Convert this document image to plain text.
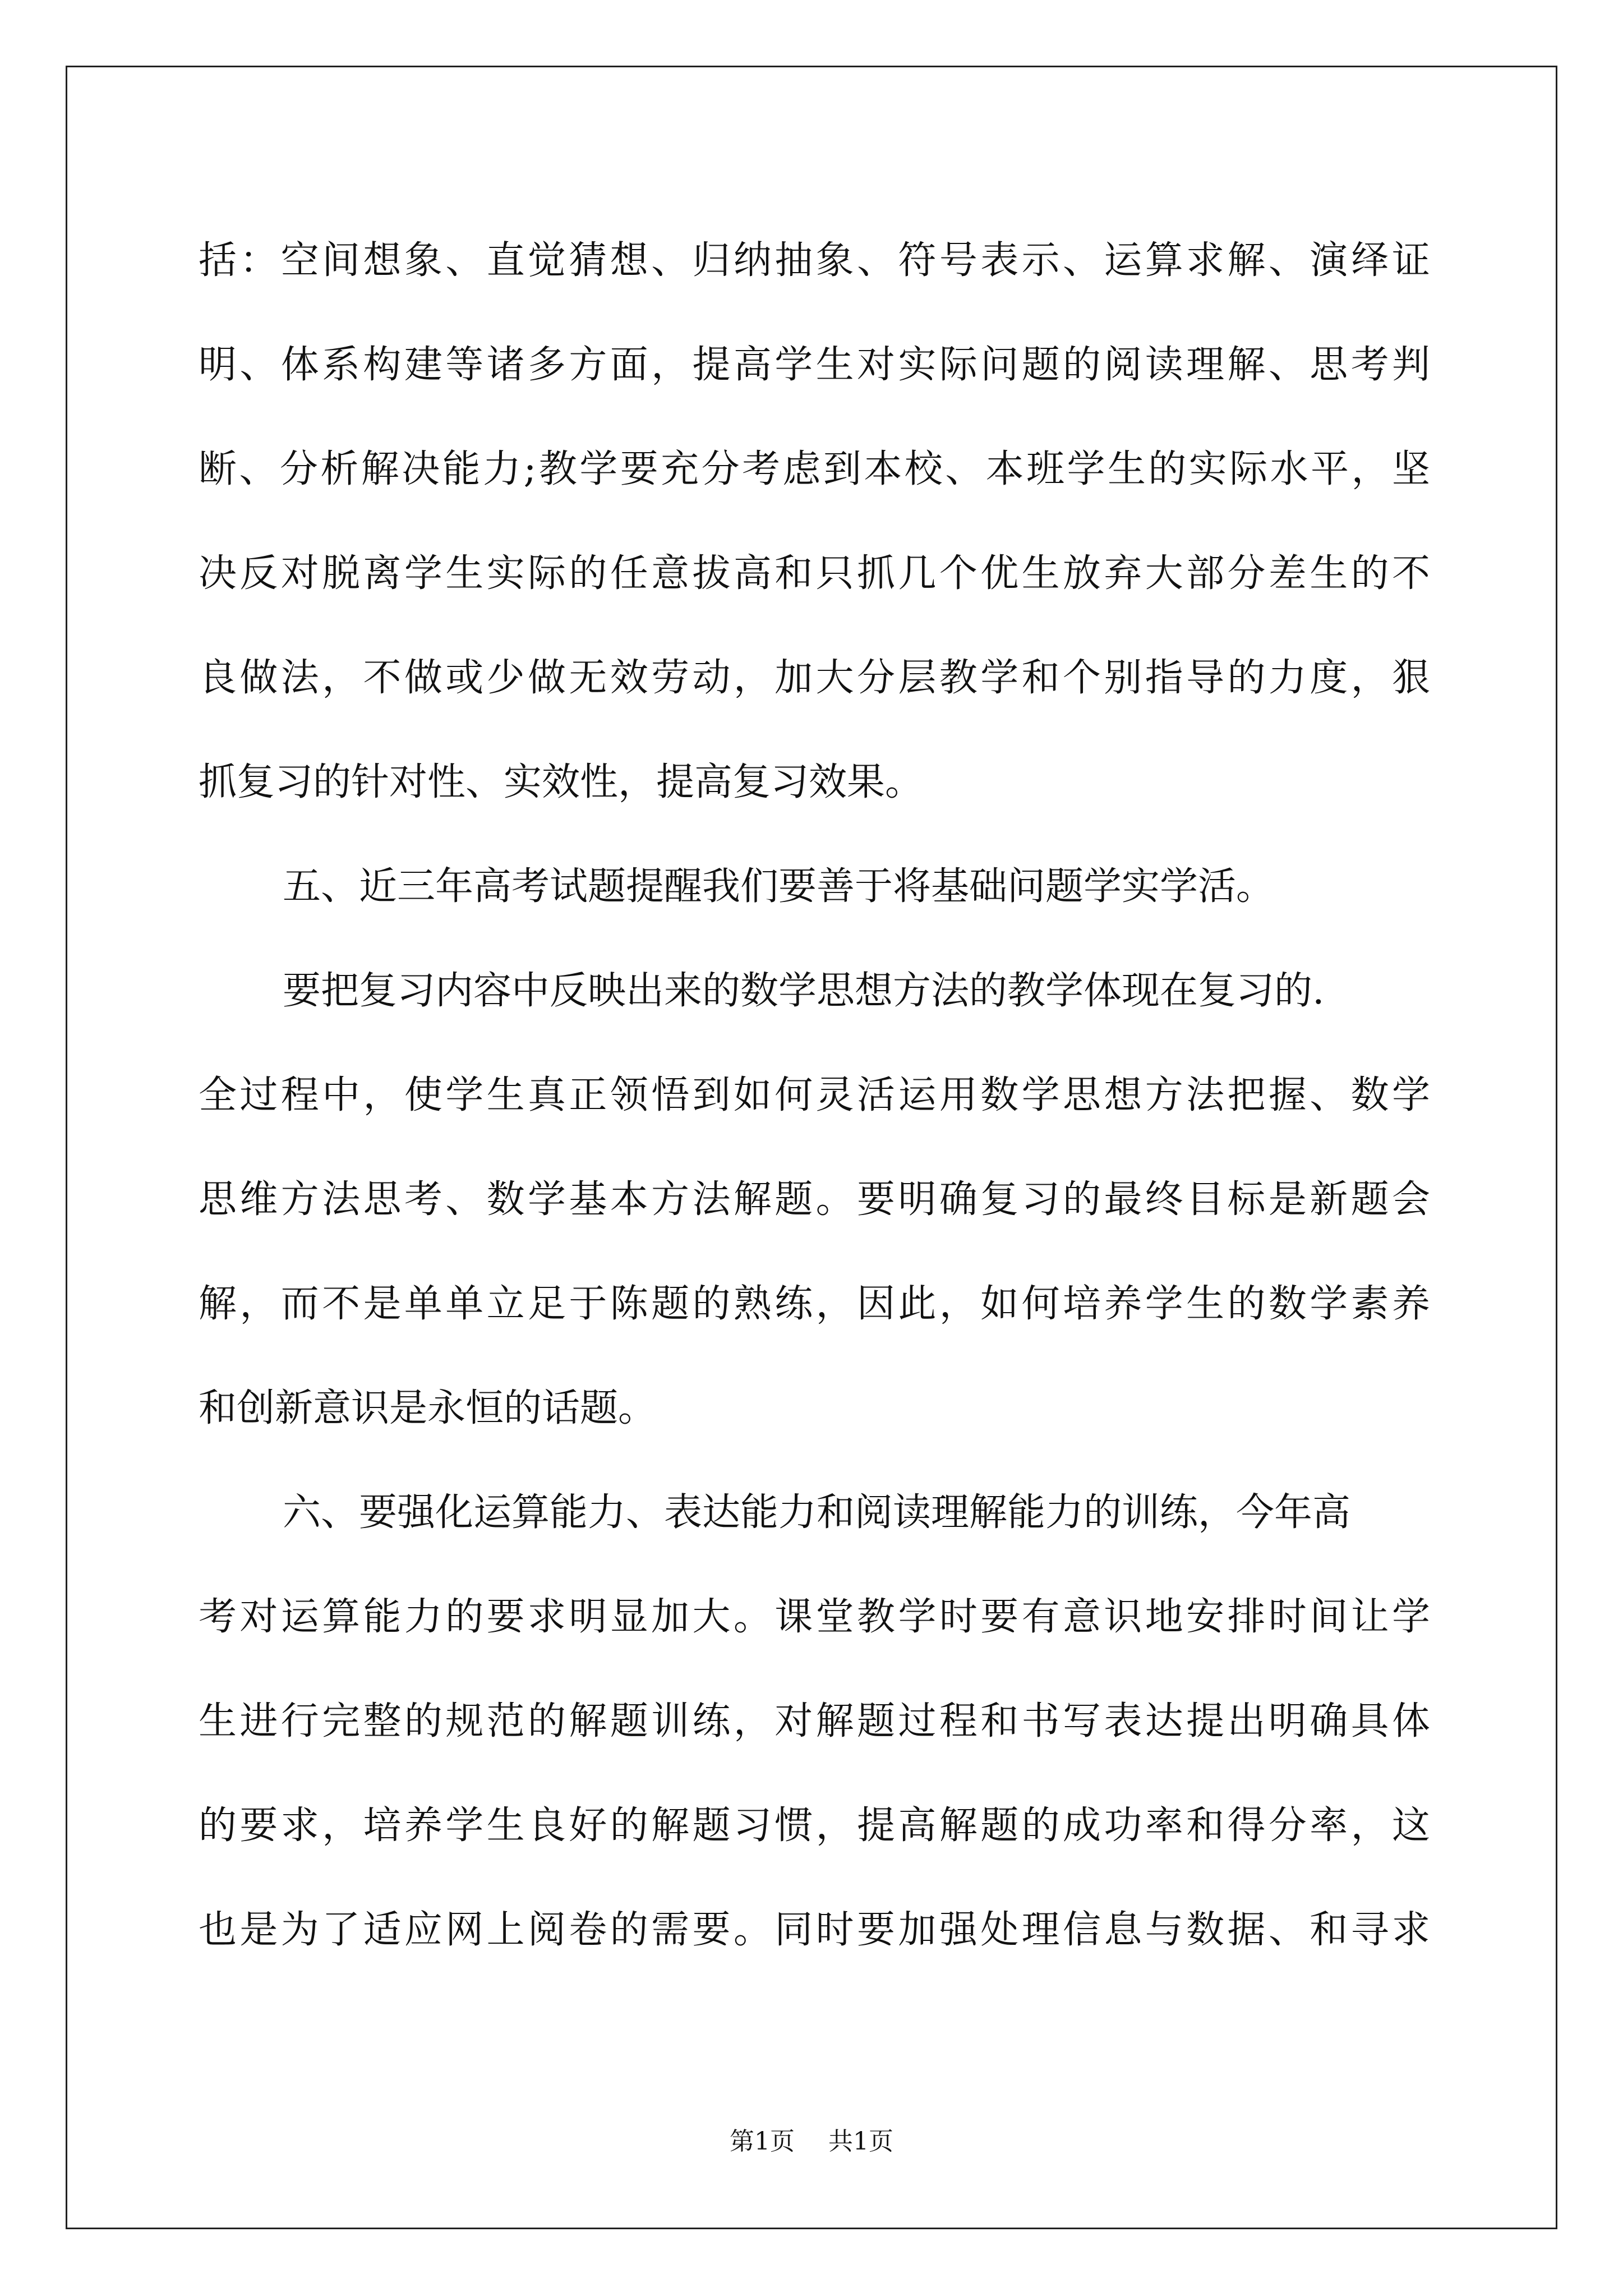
括：空间想象、直觉猜想、归纳抽象、符号表示、运算求解、演绎证
明、体系构建等诸多方面，提高学生对实际问题的阅读理解、思考判
断、分析解决能力;教学要充分考虑到本校、本班学生的实际水平，坚
决反对脱离学生实际的任意拔高和只抓几个优生放弃大部分差生的不
良做法，不做或少做无效劳动，加大分层教学和个别指导的力度，狠
抓复习的针对性、实效性，提高复习效果。
五、近三年高考试题提醒我们要善于将基础问题学实学活。
要把复习内容中反映出来的数学思想方法的教学体现在复习的.
全过程中，使学生真正领悟到如何灵活运用数学思想方法把握、数学
思维方法思考、数学基本方法解题。要明确复习的最终目标是新题会
解，而不是单单立足于陈题的熟练，因此，如何培养学生的数学素养
和创新意识是永恒的话题。
六、要强化运算能力、表达能力和阅读理解能力的训练，今年高
考对运算能力的要求明显加大。课堂教学时要有意识地安排时间让学
生进行完整的规范的解题训练，对解题过程和书写表达提出明确具体
的要求，培养学生良好的解题习惯，提高解题的成功率和得分率，这
也是为了适应网上阅卷的需要。同时要加强处理信息与数据、和寻求
第1页 共1页
